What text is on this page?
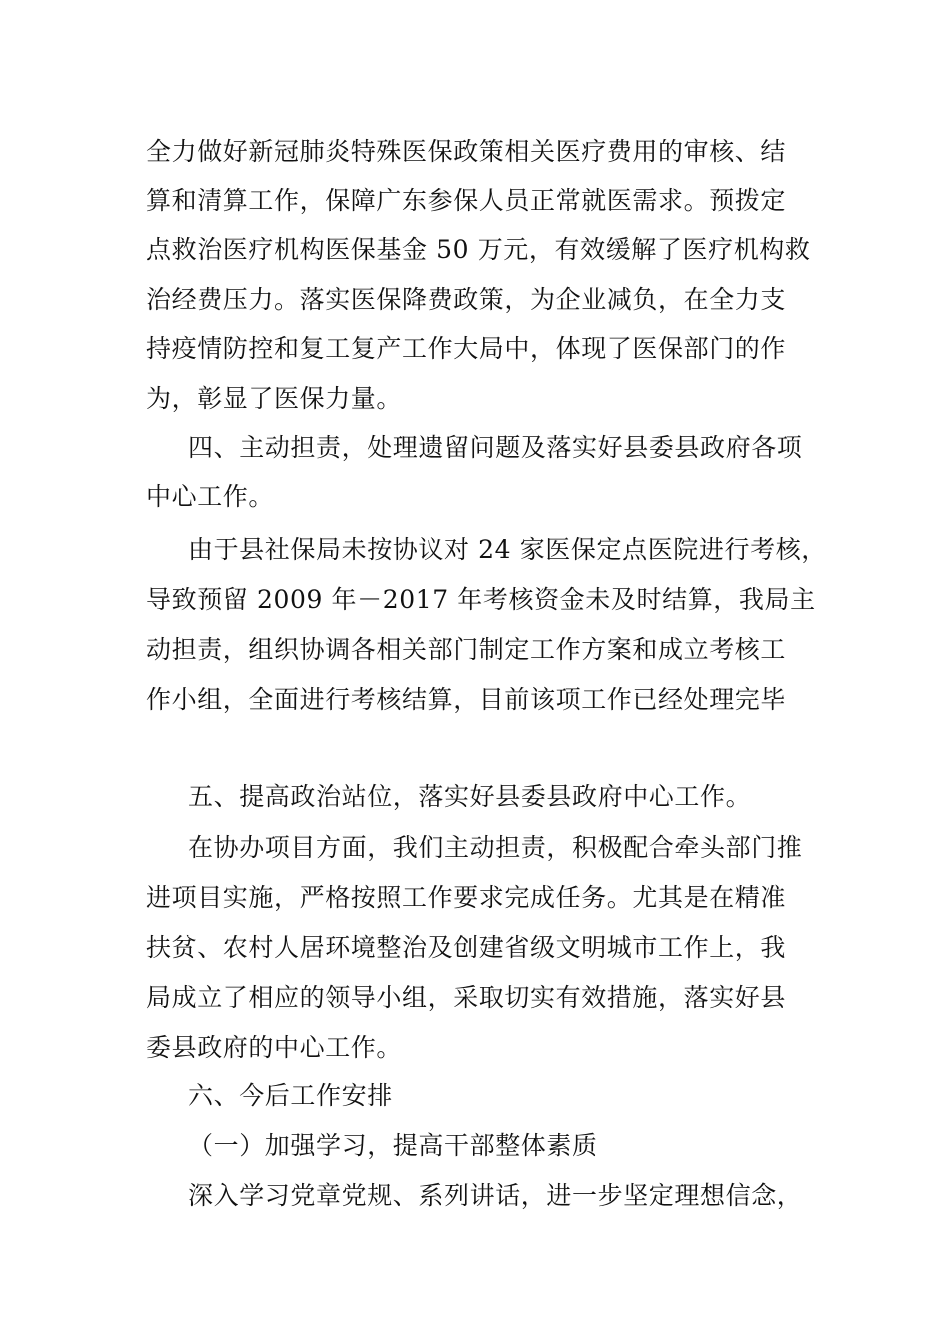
全力做好新冠肺炎特殊医保政策相关医疗费用的审核、结
算和清算工作，保障广东参保人员正常就医需求。预拨定
点救治医疗机构医保基金 50 万元，有效缓解了医疗机构救
治经费压力。落实医保降费政策，为企业减负，在全力支
持疫情防控和复工复产工作大局中，体现了医保部门的作
为，彰显了医保力量。
四、主动担责，处理遗留问题及落实好县委县政府各项
中心工作。
由于县社保局未按协议对 24 家医保定点医院进行考核，
导致预留 2009 年－2017 年考核资金未及时结算，我局主
动担责，组织协调各相关部门制定工作方案和成立考核工
作小组，全面进行考核结算，目前该项工作已经处理完毕
五、提高政治站位，落实好县委县政府中心工作。
在协办项目方面，我们主动担责，积极配合牵头部门推
进项目实施，严格按照工作要求完成任务。尤其是在精准
扶贫、农村人居环境整治及创建省级文明城市工作上，我
局成立了相应的领导小组，采取切实有效措施，落实好县
委县政府的中心工作。
六、今后工作安排
（一）加强学习，提高干部整体素质
深入学习党章党规、系列讲话，进一步坚定理想信念，
